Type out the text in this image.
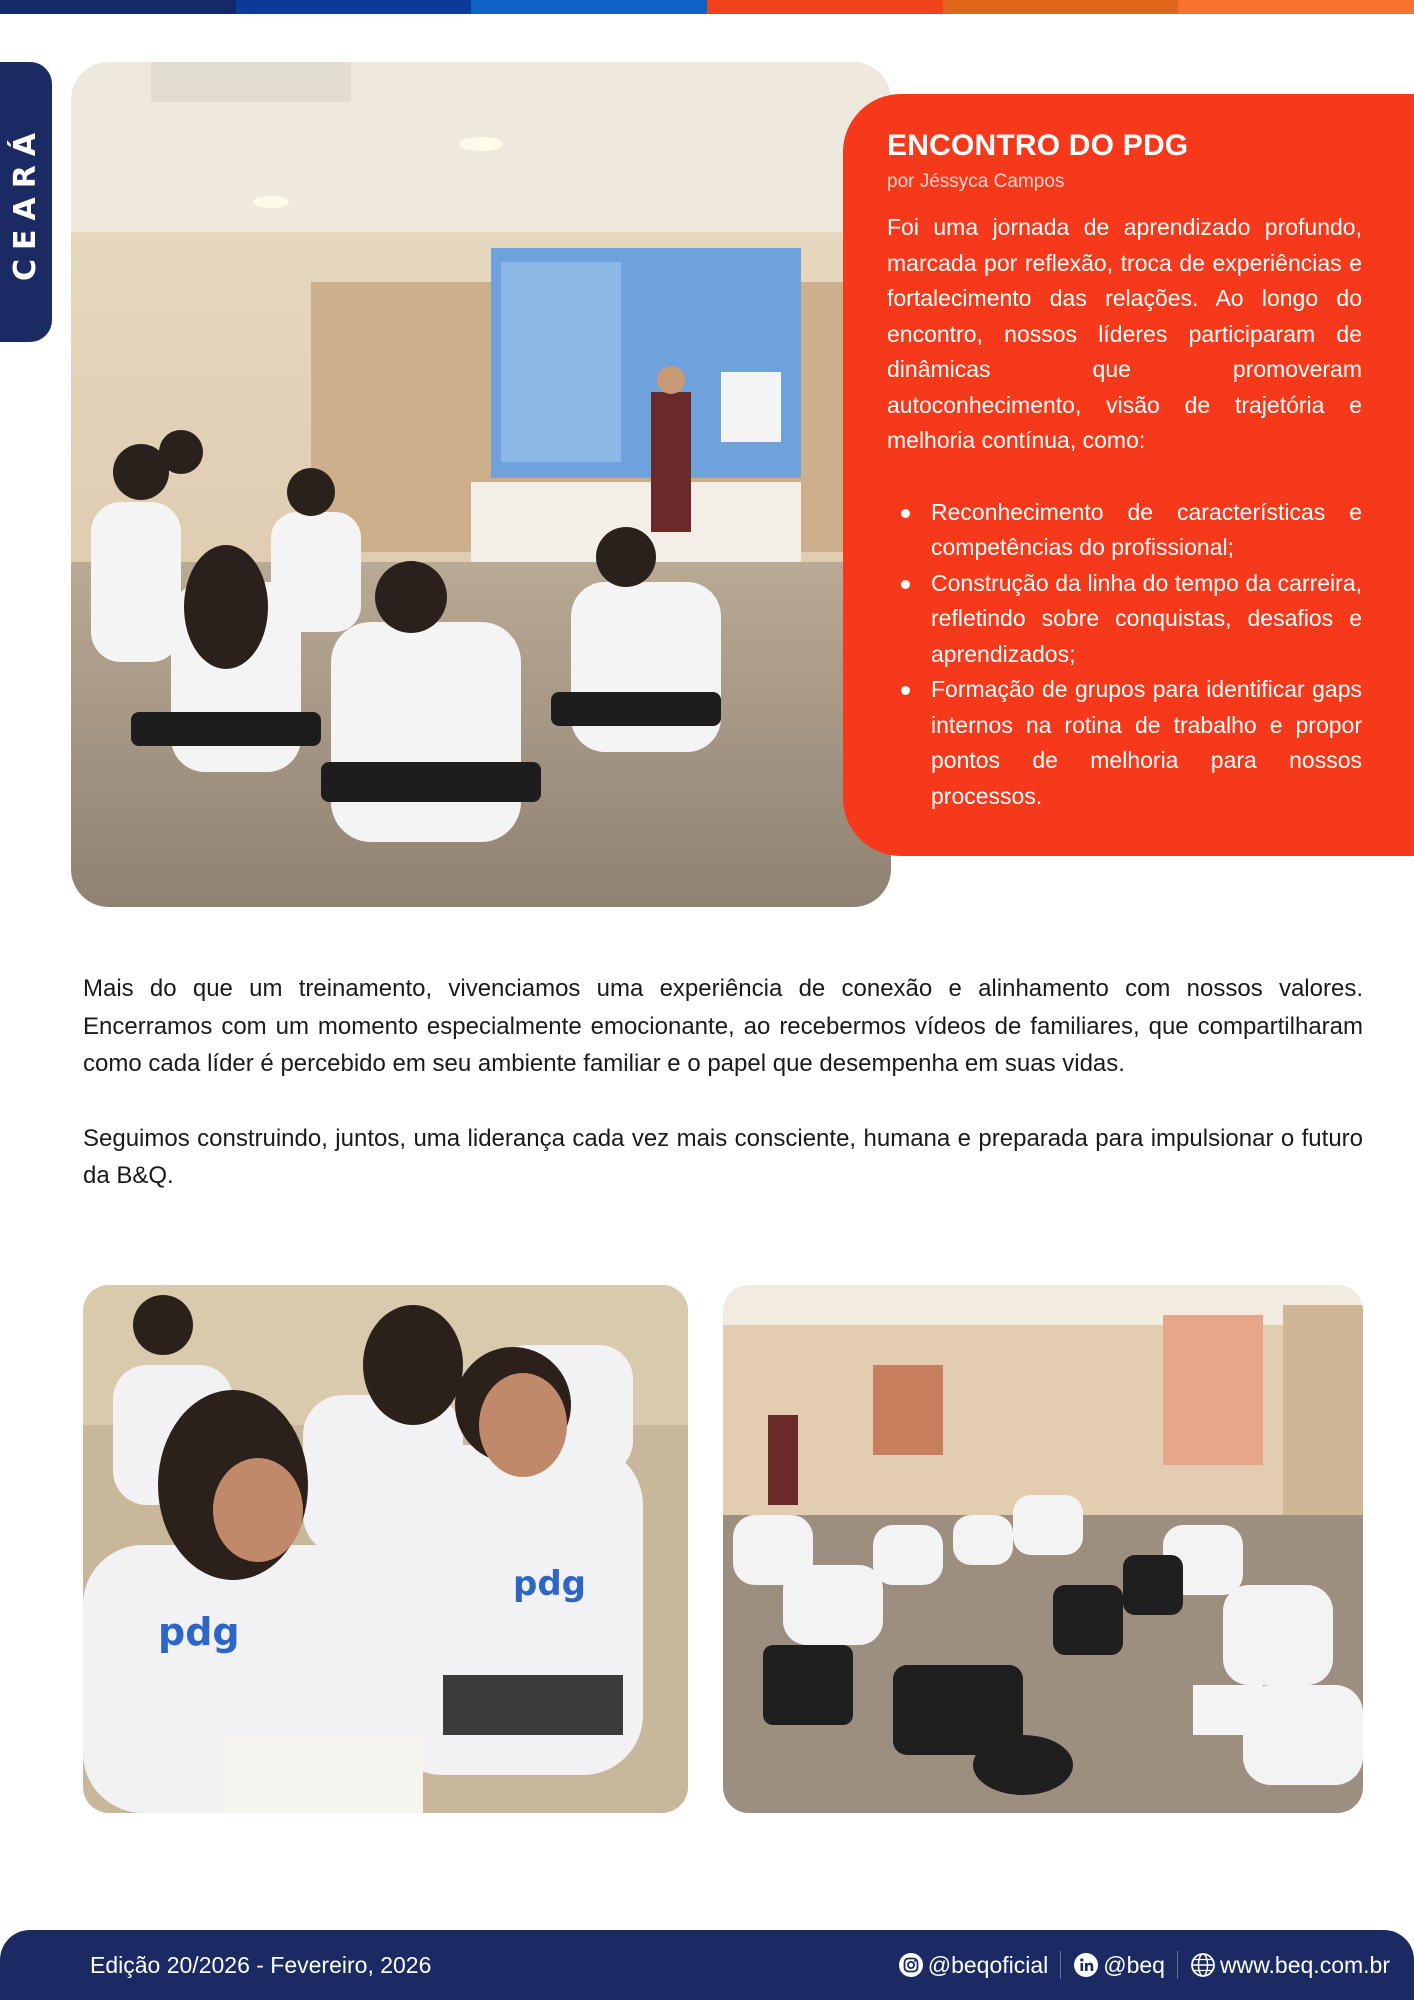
CEARÁ	ENCONTRO DO PDG
por Jéssyca Campos

Foi uma jornada de aprendizado profundo, marcada por reflexão, troca de experiências e fortalecimento das relações. Ao longo do encontro, nossos líderes participaram de dinâmicas que promoveram autoconhecimento, visão de trajetória e melhoria contínua, como:

Reconhecimento de características e competências do profissional;
Construção da linha do tempo da carreira, refletindo sobre conquistas, desafios e aprendizados;
Formação de grupos para identificar gaps internos na rotina de trabalho e propor pontos de melhoria para nossos processos.

Mais do que um treinamento, vivenciamos uma experiência de conexão e alinhamento com nossos valores. Encerramos com um momento especialmente emocionante, ao recebermos vídeos de familiares, que compartilharam como cada líder é percebido em seu ambiente familiar e o papel que desempenha em suas vidas.

Seguimos construindo, juntos, uma liderança cada vez mais consciente, humana e preparada para impulsionar o futuro da B&Q.

pdg
pdg
Edição 20/2026 - Fevereiro, 2026	@beqoficial @beq www.beq.com.br
